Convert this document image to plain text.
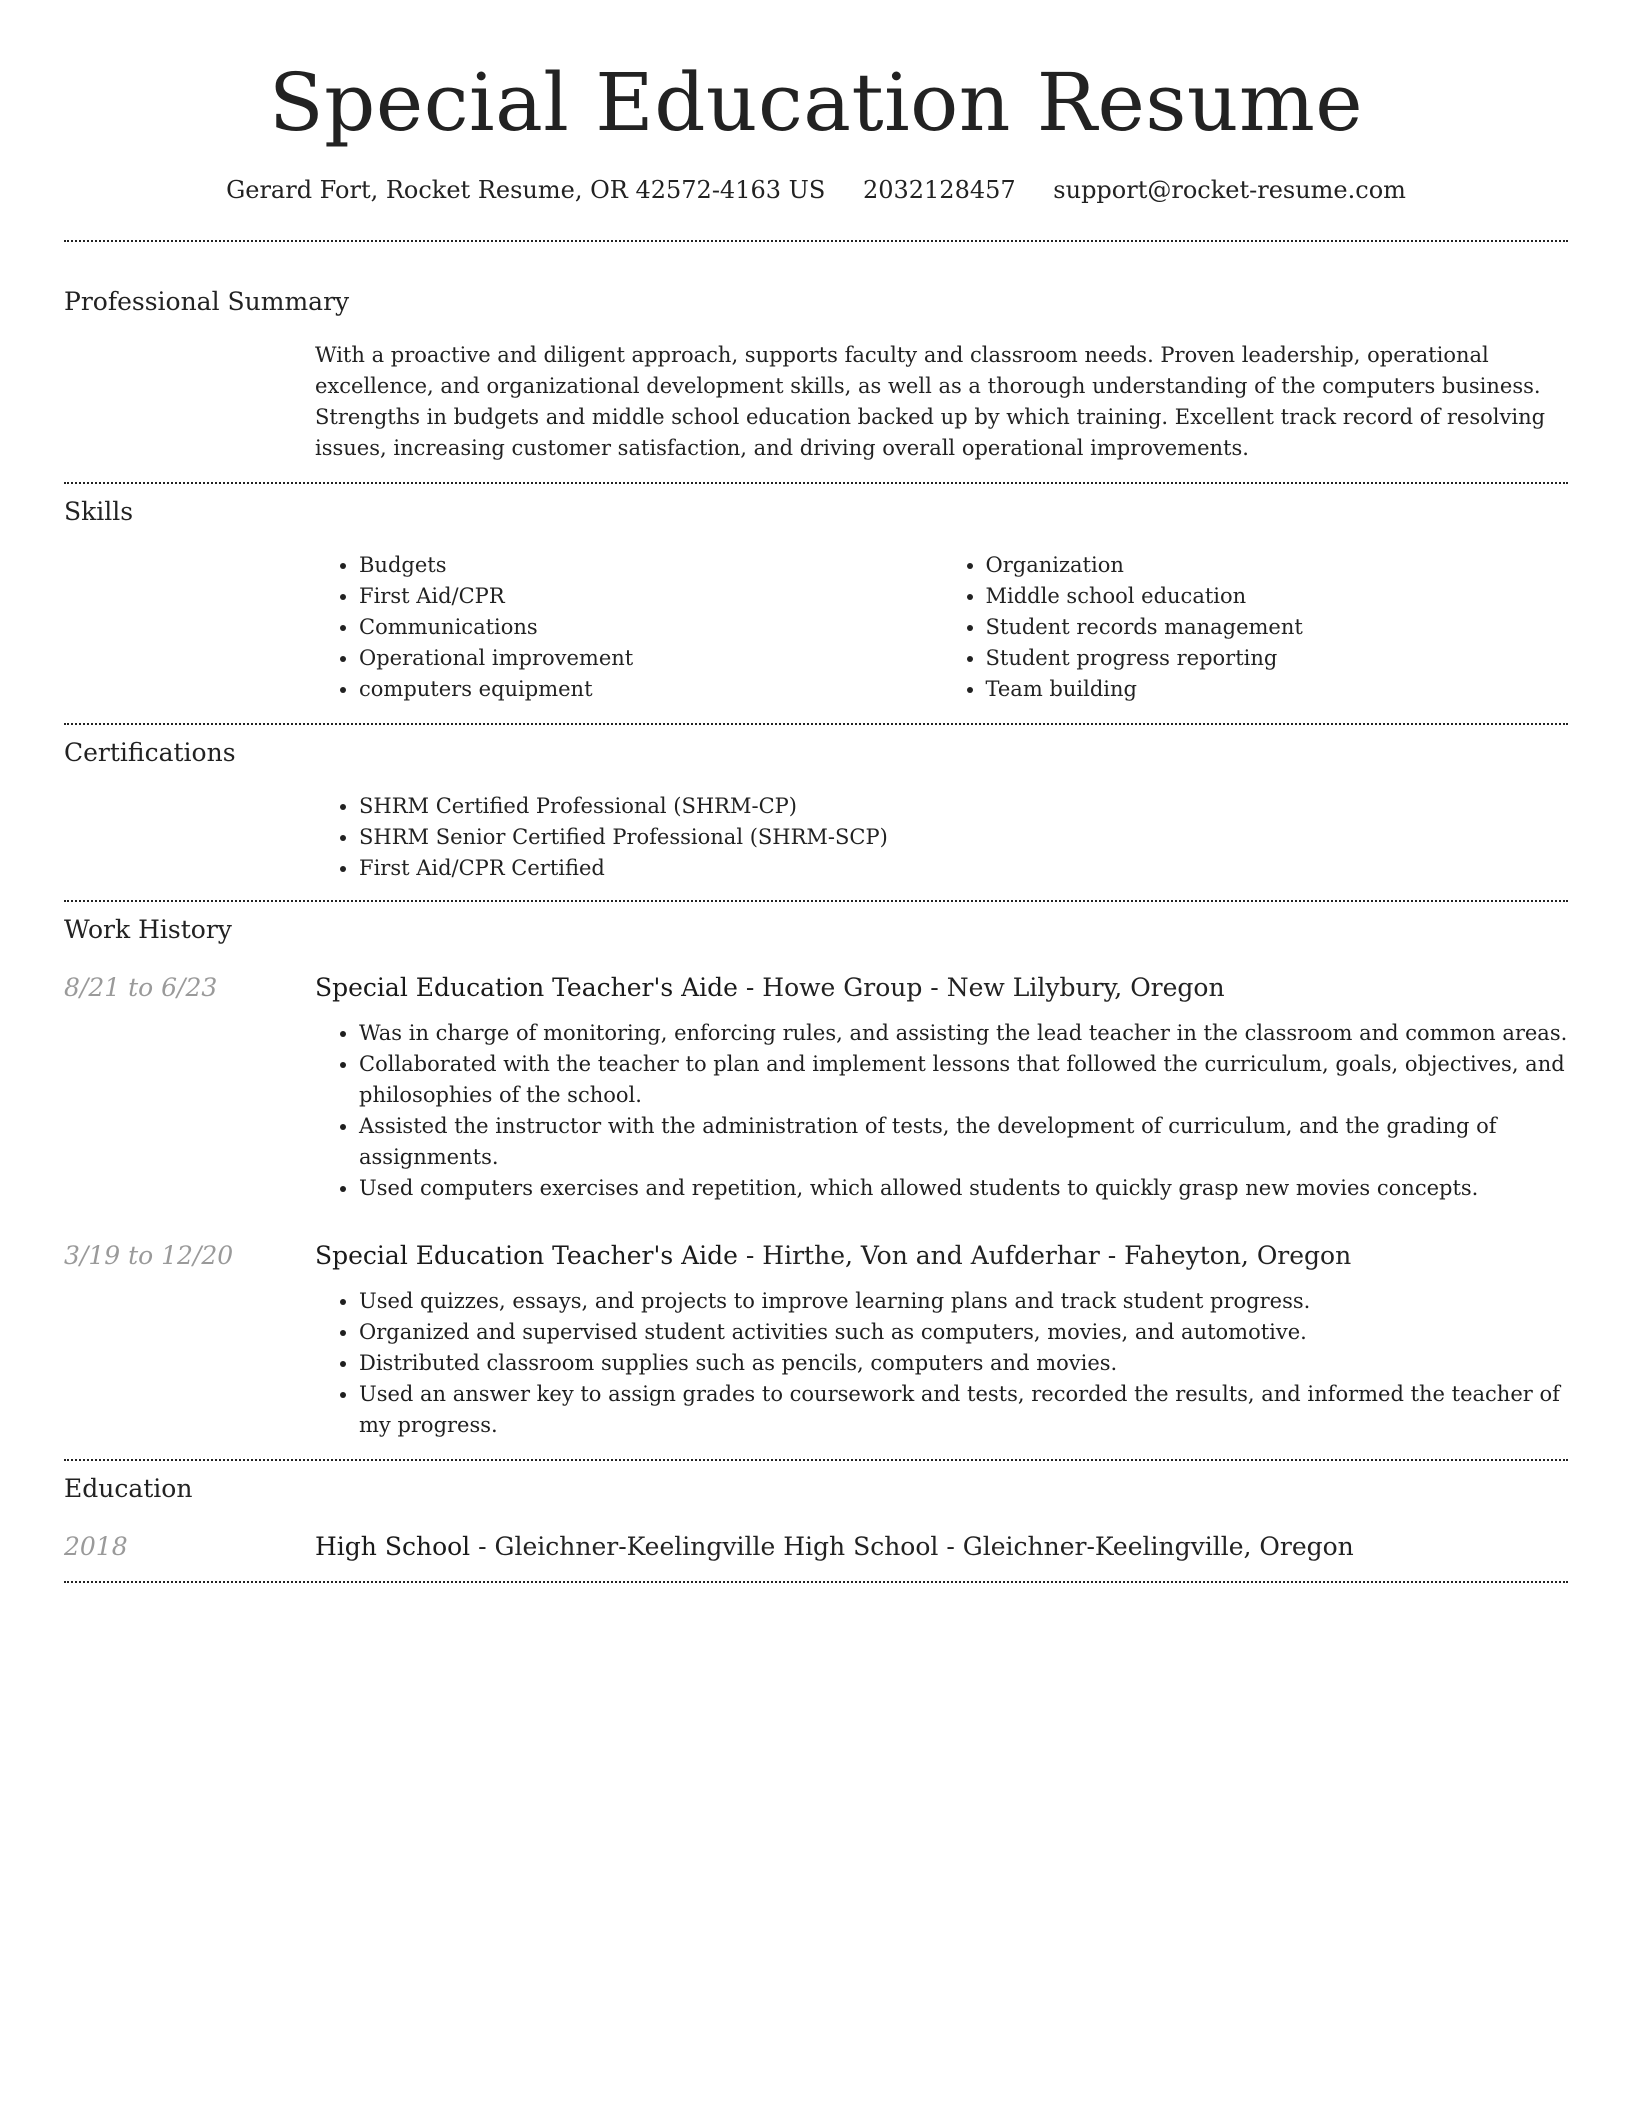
Special Education Resume
Gerard Fort, Rocket Resume, OR 42572-4163 US 2032128457 support@rocket-resume.com
Professional Summary
With a proactive and diligent approach, supports faculty and classroom needs. Proven leadership, operational excellence, and organizational development skills, as well as a thorough understanding of the computers business. Strengths in budgets and middle school education backed up by which training. Excellent track record of resolving issues, increasing customer satisfaction, and driving overall operational improvements.
Skills
• Budgets
• First Aid/CPR
• Communications
• Operational improvement
• computers equipment
• Organization
• Middle school education
• Student records management
• Student progress reporting
• Team building
Certifications
• SHRM Certified Professional (SHRM-CP)
• SHRM Senior Certified Professional (SHRM-SCP)
• First Aid/CPR Certified
Work History
8/21 to 6/23	Special Education Teacher's Aide - Howe Group - New Lilybury, Oregon
• Was in charge of monitoring, enforcing rules, and assisting the lead teacher in the classroom and common areas.
• Collaborated with the teacher to plan and implement lessons that followed the curriculum, goals, objectives, and philosophies of the school.
• Assisted the instructor with the administration of tests, the development of curriculum, and the grading of assignments.
• Used computers exercises and repetition, which allowed students to quickly grasp new movies concepts.
3/19 to 12/20	Special Education Teacher's Aide - Hirthe, Von and Aufderhar - Faheyton, Oregon
• Used quizzes, essays, and projects to improve learning plans and track student progress.
• Organized and supervised student activities such as computers, movies, and automotive.
• Distributed classroom supplies such as pencils, computers and movies.
• Used an answer key to assign grades to coursework and tests, recorded the results, and informed the teacher of my progress.
Education
2018	High School - Gleichner-Keelingville High School - Gleichner-Keelingville, Oregon
